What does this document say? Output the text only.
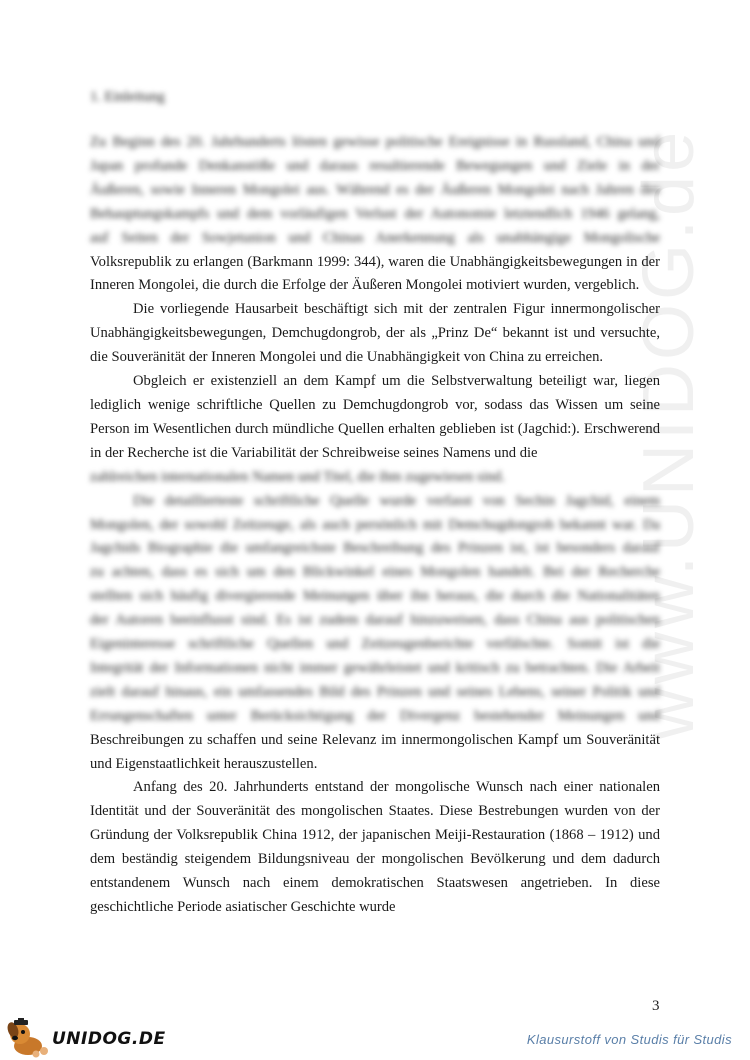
www.UNIDOG.de
1. Einleitung
Zu Beginn des 20. Jahrhunderts lösten gewisse politische Ereignisse in Russland, China und
Japan profunde Denkanstöße und daraus resultierende Bewegungen und Ziele in der
Äußeren, sowie Inneren Mongolei aus. Während es der Äußeren Mongolei nach Jahren des
Behauptungskampfs und dem vorläufigen Verlust der Autonomie letztendlich 1946 gelang,
auf Seiten der Sowjetunion und Chinas Anerkennung als unabhängige Mongolische
Volksrepublik zu erlangen (Barkmann 1999: 344), waren die Unabhängigkeitsbewegungen in der Inneren Mongolei, die durch die Erfolge der Äußeren Mongolei motiviert wurden, vergeblich.

Die vorliegende Hausarbeit beschäftigt sich mit der zentralen Figur innermongolischer Unabhängigkeitsbewegungen, Demchugdongrob, der als „Prinz De“ bekannt ist und versuchte, die Souveränität der Inneren Mongolei und die Unabhängigkeit von China zu erreichen.

Obgleich er existenziell an dem Kampf um die Selbstverwaltung beteiligt war, liegen lediglich wenige schriftliche Quellen zu Demchugdongrob vor, sodass das Wissen um seine Person im Wesentlichen durch mündliche Quellen erhalten geblieben ist (Jagchid:). Erschwerend in der Recherche ist die Variabilität der Schreibweise seines Namens und die
zahlreichen internationalen Namen und Titel, die ihm zugewiesen sind.

Die detaillierteste schriftliche Quelle wurde verfasst von Sechin Jagchid, einem
Mongolen, der sowohl Zeitzeuge, als auch persönlich mit Demchugdongrob bekannt war. Da
Jagchids Biographie die umfangreichste Beschreibung des Prinzen ist, ist besonders darauf
zu achten, dass es sich um den Blickwinkel eines Mongolen handelt. Bei der Recherche
stellten sich häufig divergierende Meinungen über ihn heraus, die durch die Nationalitäten
der Autoren beeinflusst sind. Es ist zudem darauf hinzuweisen, dass China aus politischen
Eigeninteresse schriftliche Quellen und Zeitzeugenberichte verfälschte. Somit ist die
Integrität der Informationen nicht immer gewährleistet und kritisch zu betrachten. Die Arbeit
zielt darauf hinaus, ein umfassendes Bild des Prinzen und seines Lebens, seiner Politik und
Errungenschaften unter Berücksichtigung der Divergenz bestehender Meinungen und
Beschreibungen zu schaffen und seine Relevanz im innermongolischen Kampf um Souveränität und Eigenstaatlichkeit herauszustellen.

Anfang des 20. Jahrhunderts entstand der mongolische Wunsch nach einer nationalen Identität und der Souveränität des mongolischen Staates. Diese Bestrebungen wurden von der Gründung der Volksrepublik China 1912, der japanischen Meiji-Restauration (1868 – 1912) und dem beständig steigendem Bildungsniveau der mongolischen Bevölkerung und dem dadurch entstandenem Wunsch nach einem demokratischen Staatswesen angetrieben. In diese geschichtliche Periode asiatischer Geschichte wurde

3
UNIDOG.DE	Klausurstoff von Studis für Studis
